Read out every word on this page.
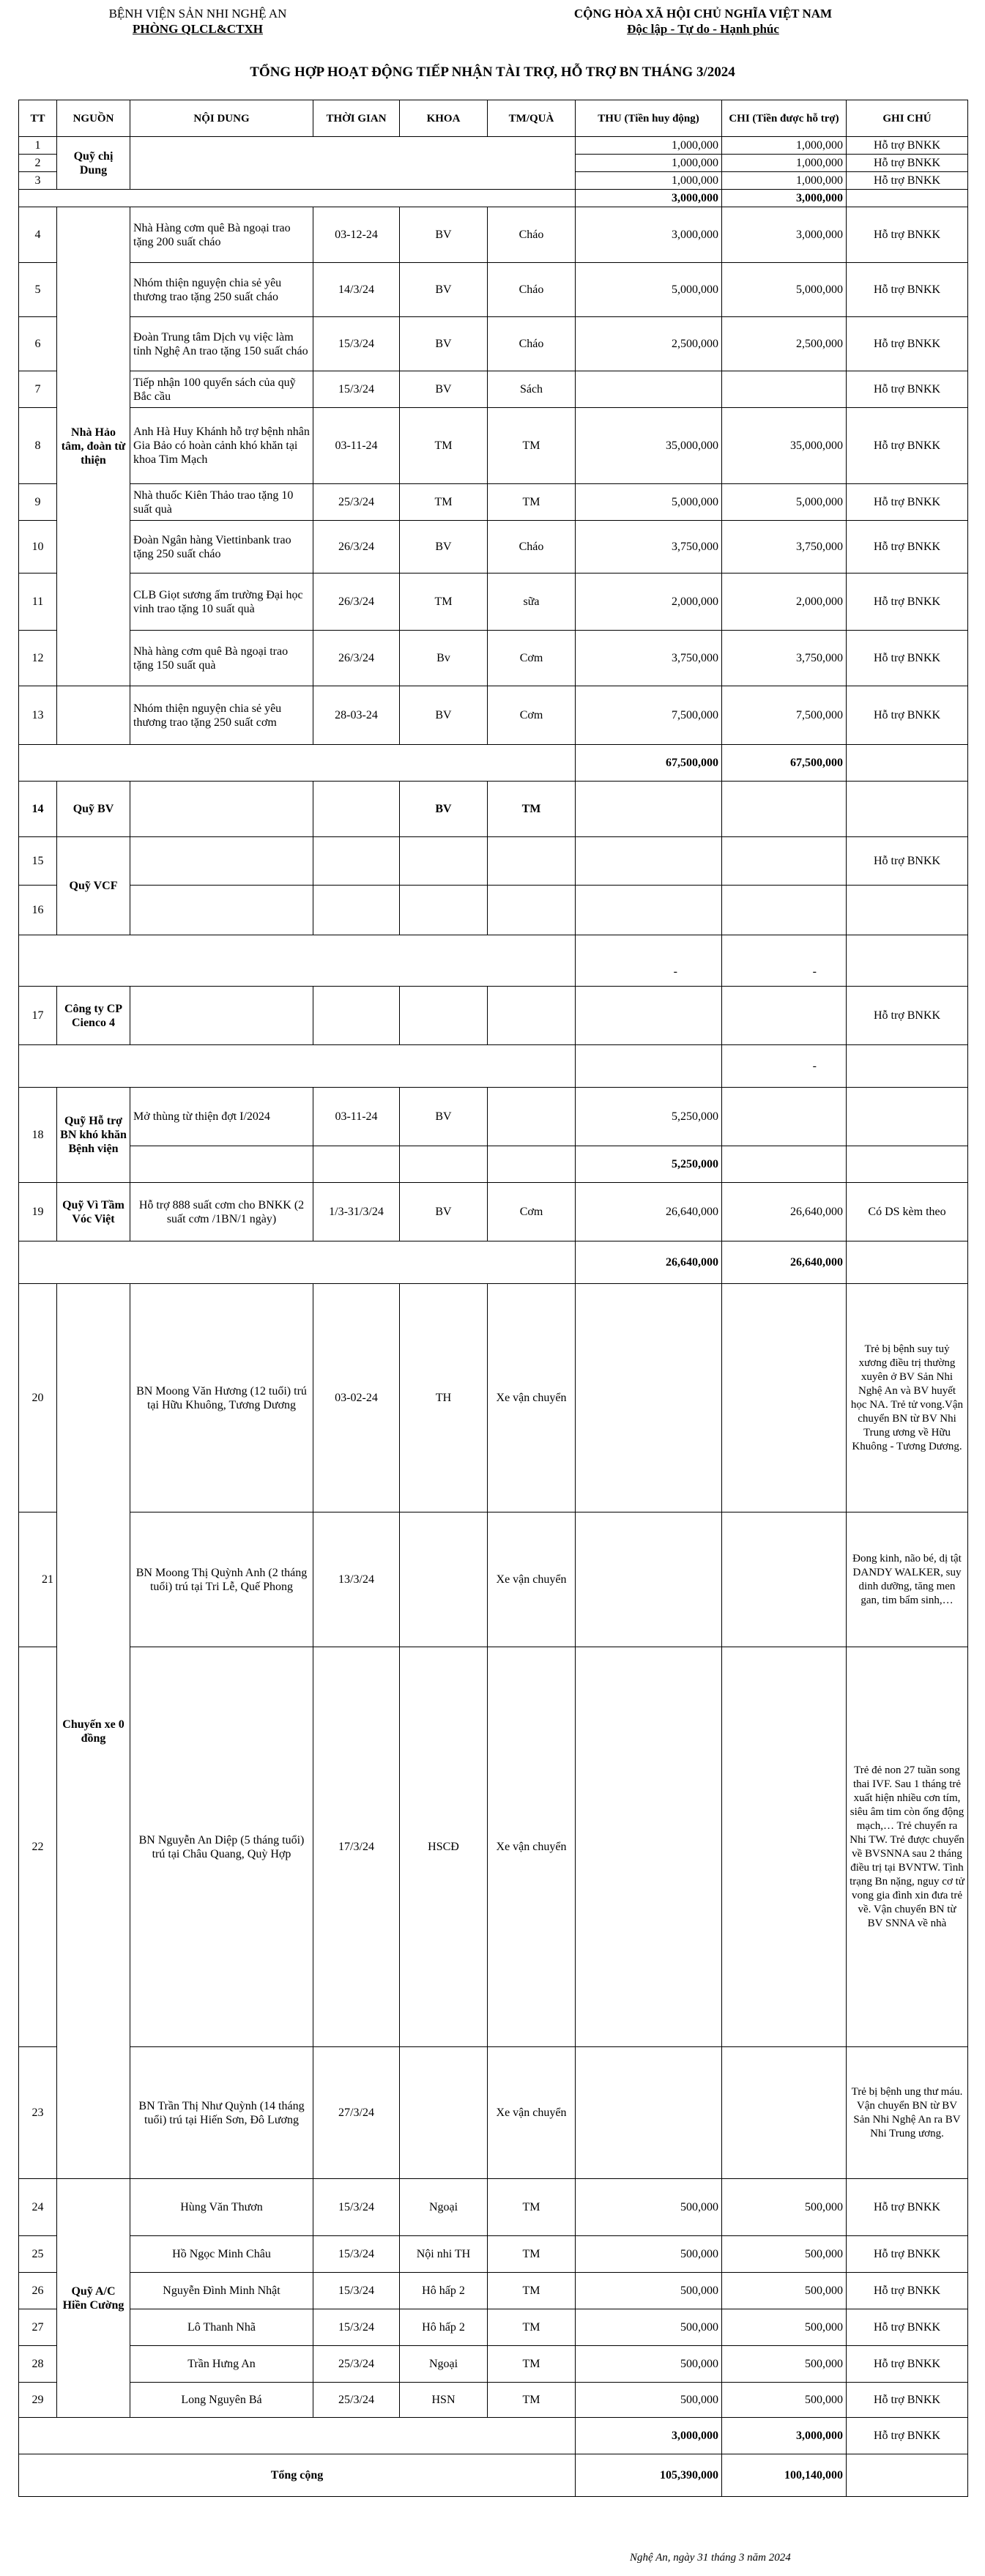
BỆNH VIỆN SẢN NHI NGHỆ AN
PHÒNG QLCL&CTXH
CỘNG HÒA XÃ HỘI CHỦ NGHĨA VIỆT NAM
Độc lập - Tự do - Hạnh phúc
TỔNG HỢP HOẠT ĐỘNG TIẾP NHẬN TÀI TRỢ, HỖ TRỢ BN THÁNG 3/2024
TT	NGUỒN	NỘI DUNG	THỜI GIAN	KHOA	TM/QUÀ	THU (Tiền huy động)	CHI (Tiền được hỗ trợ)	GHI CHÚ
1	Quỹ chị Dung					1,000,000	1,000,000	Hỗ trợ BNKK
2						1,000,000	1,000,000	Hỗ trợ BNKK
3						1,000,000	1,000,000	Hỗ trợ BNKK
						3,000,000	3,000,000	
4	Nhà Hảo tâm, đoàn từ thiện	Nhà Hàng cơm quê Bà ngoại trao tặng 200 suất cháo	03-12-24	BV	Cháo	3,000,000	3,000,000	Hỗ trợ BNKK
5		Nhóm thiện nguyện chia sẻ yêu thương trao tặng 250 suất cháo	14/3/24	BV	Cháo	5,000,000	5,000,000	Hỗ trợ BNKK
6		Đoàn Trung tâm Dịch vụ việc làm tỉnh Nghệ An trao tặng 150 suất cháo	15/3/24	BV	Cháo	2,500,000	2,500,000	Hỗ trợ BNKK
7		Tiếp nhận 100 quyển sách của quỹ Bắc cầu	15/3/24	BV	Sách			Hỗ trợ BNKK
8		Anh Hà Huy Khánh hỗ trợ bệnh nhân Gia Bảo có hoàn cảnh khó khăn tại khoa Tim Mạch	03-11-24	TM	TM	35,000,000	35,000,000	Hỗ trợ BNKK
9		Nhà thuốc Kiên Thảo trao tặng 10 suất quà	25/3/24	TM	TM	5,000,000	5,000,000	Hỗ trợ BNKK
10		Đoàn Ngân hàng Viettinbank trao tặng 250 suất cháo	26/3/24	BV	Cháo	3,750,000	3,750,000	Hỗ trợ BNKK
11		CLB Giọt sương ấm trường Đại học vinh trao tặng 10 suất quà	26/3/24	TM	sữa	2,000,000	2,000,000	Hỗ trợ BNKK
12		Nhà hàng cơm quê Bà ngoại trao tặng 150 suất quà	26/3/24	Bv	Cơm	3,750,000	3,750,000	Hỗ trợ BNKK
13		Nhóm thiện nguyện chia sẻ yêu thương trao tặng 250 suất cơm	28-03-24	BV	Cơm	7,500,000	7,500,000	Hỗ trợ BNKK
						67,500,000	67,500,000	
14	Quỹ BV			BV	TM			
15	Quỹ VCF							Hỗ trợ BNKK
16								
						-	-	
17	Công ty CP Cienco 4							Hỗ trợ BNKK
							-	
18	Quỹ Hỗ trợ BN khó khăn Bệnh viện	Mở thùng từ thiện đợt I/2024	03-11-24	BV		5,250,000		
						5,250,000		
19	Quỹ Vì Tầm Vóc Việt	Hỗ trợ 888 suất cơm cho BNKK (2 suất cơm /1BN/1 ngày)	1/3-31/3/24	BV	Cơm	26,640,000	26,640,000	Có DS kèm theo
						26,640,000	26,640,000	
20	Chuyến xe 0 đồng	BN Moong Văn Hương (12 tuổi) trú tại Hữu Khuông, Tương Dương	03-02-24	TH	Xe vận chuyển			Trẻ bị bệnh suy tuỷ xương điều trị thường xuyên ở BV Sản Nhi Nghệ An và BV huyết học NA. Trẻ tử vong.Vận chuyển BN từ BV Nhi Trung ương về Hữu Khuông - Tương Dương.
21		BN Moong Thị Quỳnh Anh (2 tháng tuổi) trú tại Tri Lễ, Quế Phong	13/3/24		Xe vận chuyển			Đong kinh, não bé, dị tật DANDY WALKER, suy dinh dưỡng, tăng men gan, tim bẩm sinh,…
22		BN Nguyễn An Diệp (5 tháng tuổi) trú tại Châu Quang, Quỳ Hợp	17/3/24	HSCĐ	Xe vận chuyển			Trẻ đẻ non 27 tuần song thai IVF. Sau 1 tháng trẻ xuất hiện nhiều cơn tím, siêu âm tim còn ống động mạch,… Trẻ chuyển ra Nhi TW. Trẻ được chuyển về BVSNNA sau 2 tháng điều trị tại BVNTW. Tình trạng Bn nặng, nguy cơ tử vong gia đình xin đưa trẻ về. Vận chuyển BN từ BV SNNA về nhà
23		BN Trần Thị Như Quỳnh (14 tháng tuổi) trú tại Hiến Sơn, Đô Lương	27/3/24		Xe vận chuyển			Trẻ bị bệnh ung thư máu. Vận chuyển BN từ BV Sản Nhi Nghệ An ra BV Nhi Trung ương.
24	Quỹ A/C Hiền Cường	Hùng Văn Thươn	15/3/24	Ngoại	TM	500,000	500,000	Hỗ trợ BNKK
25		Hồ Ngọc Minh Châu	15/3/24	Nội nhi TH	TM	500,000	500,000	Hỗ trợ BNKK
26		Nguyễn Đình Minh Nhật	15/3/24	Hô hấp 2	TM	500,000	500,000	Hỗ trợ BNKK
27		Lô Thanh Nhã	15/3/24	Hô hấp 2	TM	500,000	500,000	Hỗ trợ BNKK
28		Trần Hưng An	25/3/24	Ngoại	TM	500,000	500,000	Hỗ trợ BNKK
29		Long Nguyên Bá	25/3/24	HSN	TM	500,000	500,000	Hỗ trợ BNKK
						3,000,000	3,000,000	Hỗ trợ BNKK
Tổng cộng						105,390,000	100,140,000	
Nghệ An, ngày 31 tháng 3 năm 2024
